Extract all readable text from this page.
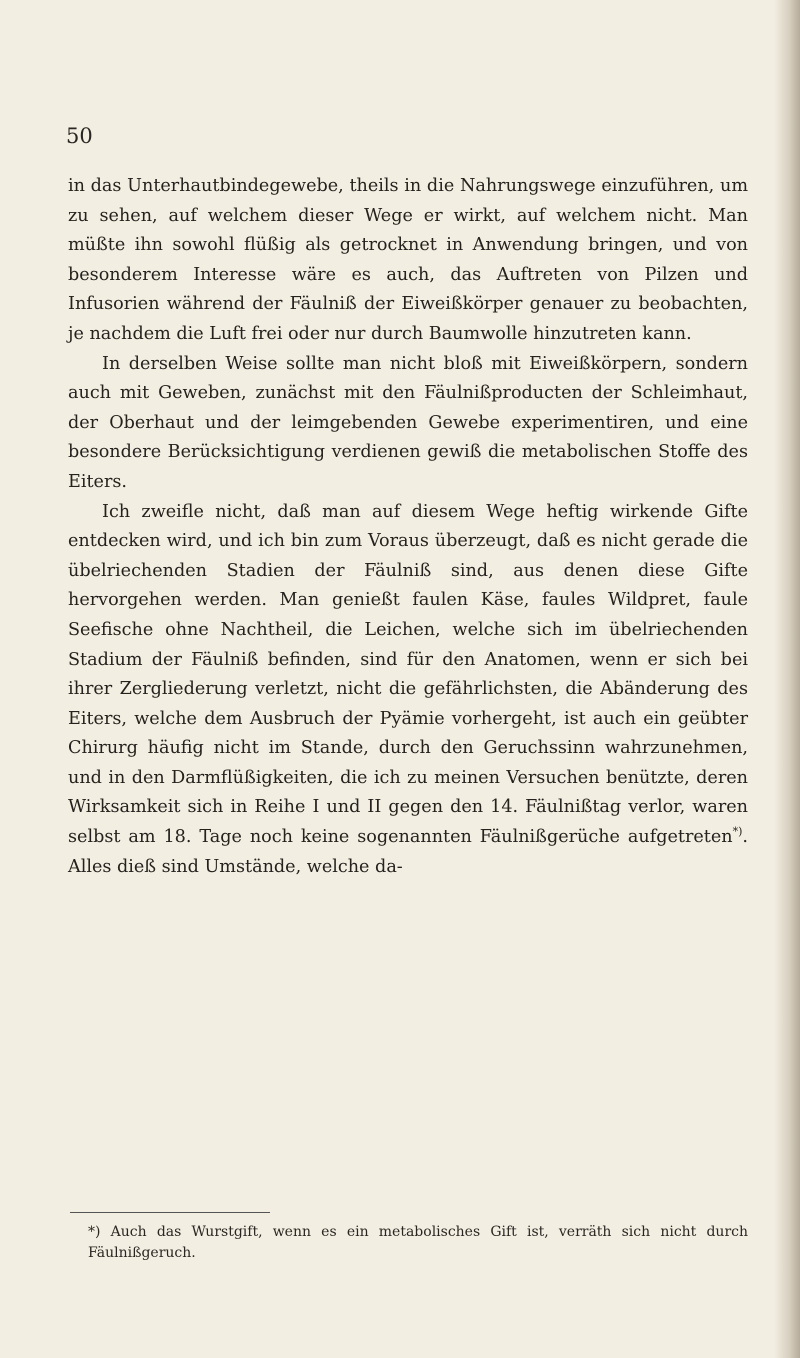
50

in das Unterhautbindegewebe, theils in die Nahrungswege einzuführen, um zu sehen, auf welchem dieser Wege er wirkt, auf welchem nicht. Man müßte ihn sowohl flüßig als getrocknet in Anwendung bringen, und von besonderem Interesse wäre es auch, das Auftreten von Pilzen und Infusorien während der Fäulniß der Eiweißkörper genauer zu beobachten, je nachdem die Luft frei oder nur durch Baumwolle hinzutreten kann.

In derselben Weise sollte man nicht bloß mit Eiweißkörpern, sondern auch mit Geweben, zunächst mit den Fäulnißproducten der Schleimhaut, der Oberhaut und der leimgebenden Gewebe experimentiren, und eine besondere Berücksichtigung verdienen gewiß die metabolischen Stoffe des Eiters.

Ich zweifle nicht, daß man auf diesem Wege heftig wirkende Gifte entdecken wird, und ich bin zum Voraus überzeugt, daß es nicht gerade die übelriechenden Stadien der Fäulniß sind, aus denen diese Gifte hervorgehen werden. Man genießt faulen Käse, faules Wildpret, faule Seefische ohne Nachtheil, die Leichen, welche sich im übelriechenden Stadium der Fäulniß befinden, sind für den Anatomen, wenn er sich bei ihrer Zergliederung verletzt, nicht die gefährlichsten, die Abänderung des Eiters, welche dem Ausbruch der Pyämie vorhergeht, ist auch ein geübter Chirurg häufig nicht im Stande, durch den Geruchssinn wahrzunehmen, und in den Darmflüßigkeiten, die ich zu meinen Versuchen benützte, deren Wirksamkeit sich in Reihe I und II gegen den 14. Fäulnißtag verlor, waren selbst am 18. Tage noch keine sogenannten Fäulnißgerüche aufgetreten*). Alles dieß sind Umstände, welche da-

*) Auch das Wurstgift, wenn es ein metabolisches Gift ist, verräth sich nicht durch Fäulnißgeruch.
